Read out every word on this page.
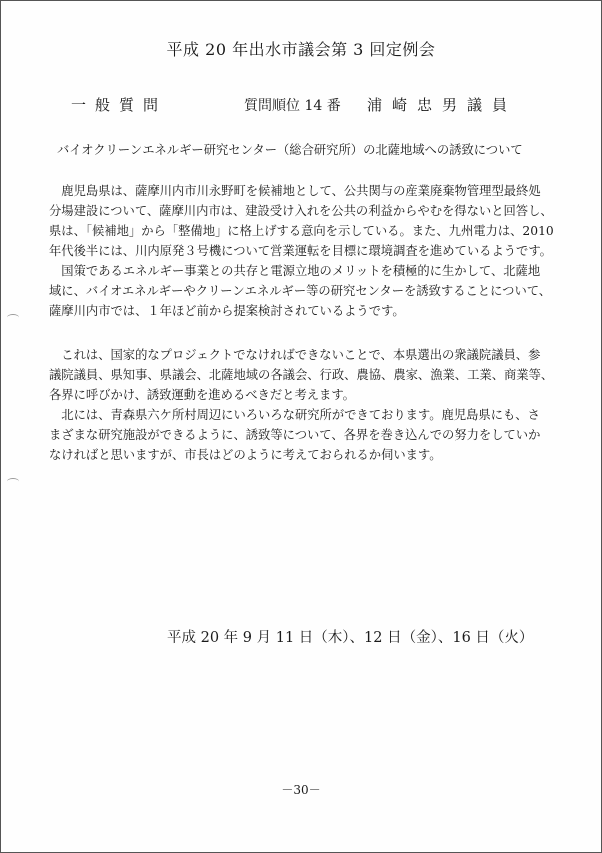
平成 20 年出水市議会第 3 回定例会
一般質問	質問順位 14 番 浦崎忠男議員
バイオクリーンエネルギー研究センター（総合研究所）の北薩地域への誘致について
　鹿児島県は、薩摩川内市川永野町を候補地として、公共関与の産業廃棄物管理型最終処
分場建設について、薩摩川内市は、建設受け入れを公共の利益からやむを得ないと回答し、
県は、「候補地」から「整備地」に格上げする意向を示している。また、九州電力は、2010
年代後半には、川内原発３号機について営業運転を目標に環境調査を進めているようです。
　国策であるエネルギー事業との共存と電源立地のメリットを積極的に生かして、北薩地
域に、バイオエネルギーやクリーンエネルギー等の研究センターを誘致することについて、
薩摩川内市では、１年ほど前から提案検討されているようです。
　これは、国家的なプロジェクトでなければできないことで、本県選出の衆議院議員、参
議院議員、県知事、県議会、北薩地域の各議会、行政、農協、農家、漁業、工業、商業等、
各界に呼びかけ、誘致運動を進めるべきだと考えます。
　北には、青森県六ケ所村周辺にいろいろな研究所ができております。鹿児島県にも、さ
まざまな研究施設ができるように、誘致等について、各界を巻き込んでの努力をしていか
なければと思いますが、市長はどのように考えておられるか伺います。
平成 20 年 9 月 11 日（木）、12 日（金）、16 日（火）
－30－
